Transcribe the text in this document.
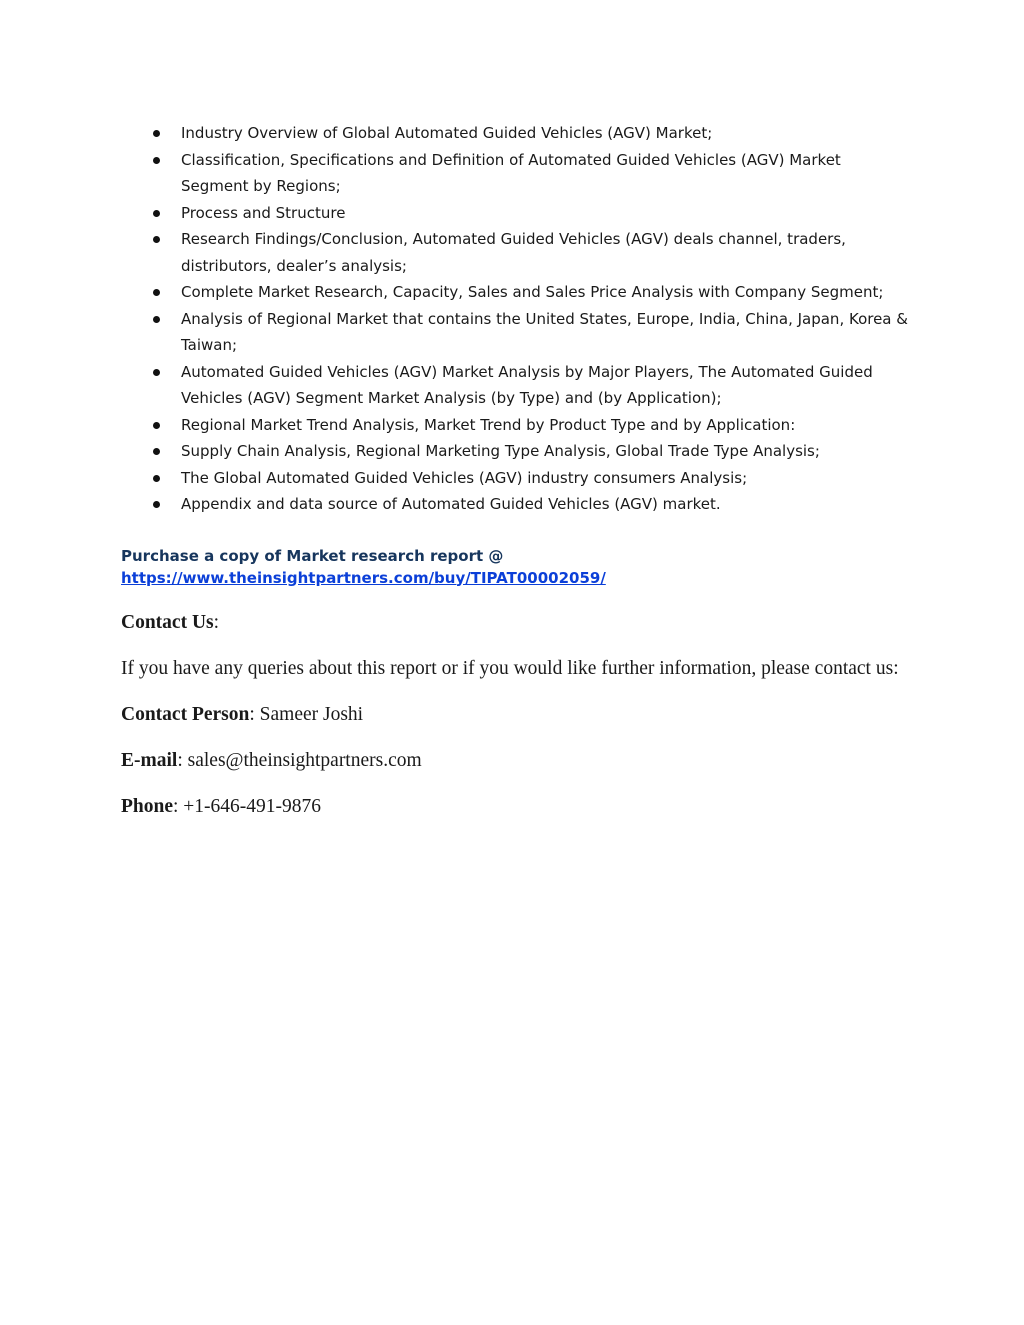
Industry Overview of Global Automated Guided Vehicles (AGV) Market;
Classification, Specifications and Definition of Automated Guided Vehicles (AGV) Market Segment by Regions;
Process and Structure
Research Findings/Conclusion, Automated Guided Vehicles (AGV) deals channel, traders, distributors, dealer’s analysis;
Complete Market Research, Capacity, Sales and Sales Price Analysis with Company Segment;
Analysis of Regional Market that contains the United States, Europe, India, China, Japan, Korea & Taiwan;
Automated Guided Vehicles (AGV) Market Analysis by Major Players, The Automated Guided Vehicles (AGV) Segment Market Analysis (by Type) and (by Application);
Regional Market Trend Analysis, Market Trend by Product Type and by Application:
Supply Chain Analysis, Regional Marketing Type Analysis, Global Trade Type Analysis;
The Global Automated Guided Vehicles (AGV) industry consumers Analysis;
Appendix and data source of Automated Guided Vehicles (AGV) market.
Purchase a copy of Market research report @
https://www.theinsightpartners.com/buy/TIPAT00002059/
Contact Us:
If you have any queries about this report or if you would like further information, please contact us:
Contact Person: Sameer Joshi
E-mail: sales@theinsightpartners.com
Phone: +1-646-491-9876
